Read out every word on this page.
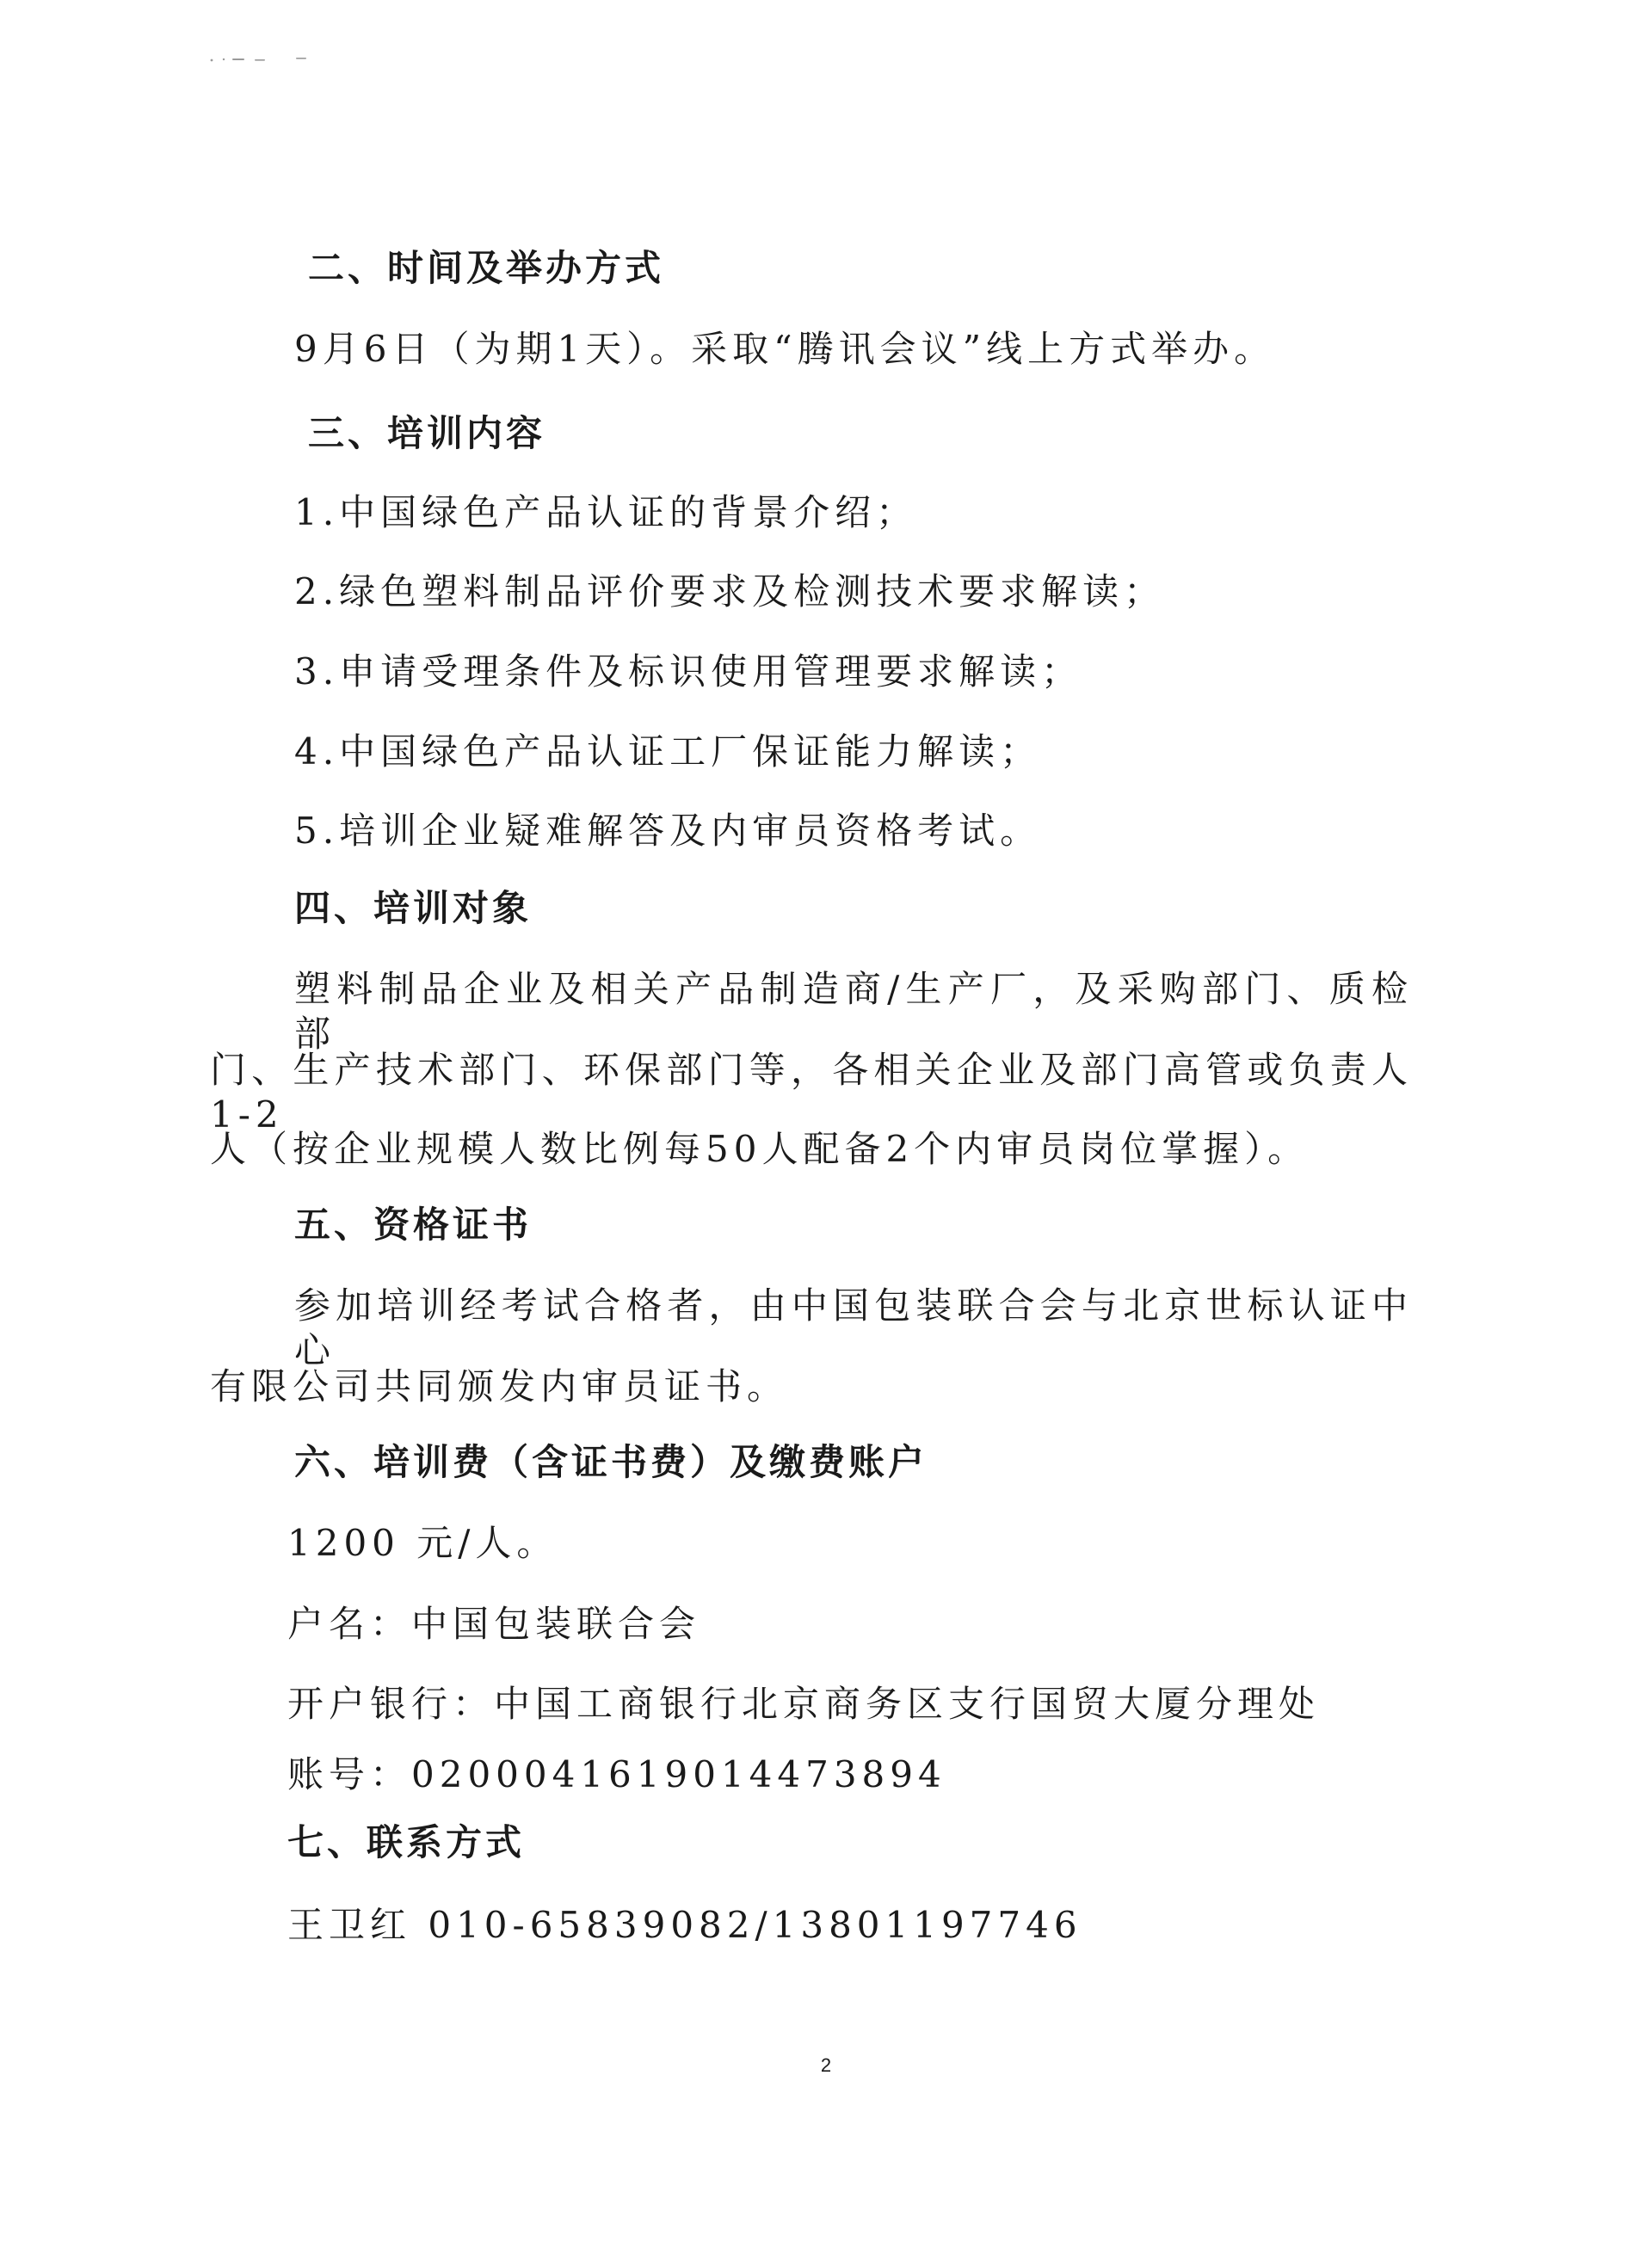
二、时间及举办方式
9月6日（为期1天）。采取“腾讯会议”线上方式举办。
三、培训内容
1.中国绿色产品认证的背景介绍；
2.绿色塑料制品评价要求及检测技术要求解读；
3.申请受理条件及标识使用管理要求解读；
4.中国绿色产品认证工厂保证能力解读；
5.培训企业疑难解答及内审员资格考试。
四、培训对象
塑料制品企业及相关产品制造商/生产厂，及采购部门、质检部
门、生产技术部门、环保部门等，各相关企业及部门高管或负责人 1-2
人（按企业规模人数比例每50人配备2个内审员岗位掌握）。
五、资格证书
参加培训经考试合格者，由中国包装联合会与北京世标认证中心
有限公司共同颁发内审员证书。
六、培训费（含证书费）及缴费账户
1200 元/人。
户名：中国包装联合会
开户银行：中国工商银行北京商务区支行国贸大厦分理处
账号：0200041619014473894
七、联系方式
王卫红 010-65839082/13801197746
2
